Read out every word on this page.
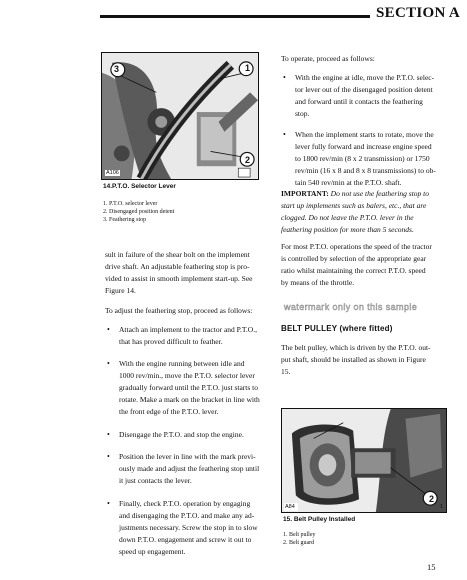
SECTION A
3	1
2
A106
14.P.T.O. Selector Lever
1. P.T.O. selector lever
2. Disengaged position detent
3. Feathering stop
To operate, proceed as follows:
• With the engine at idle, move the P.T.O. selec-
tor lever out of the disengaged position detent
and forward until it contacts the feathering
stop.
• When the implement starts to rotate, move the
lever fully forward and increase engine speed
to 1800 rev/min (8 x 2 transmission) or 1750
rev/min (16 x 8 and 8 x 8 transmissions) to ob-
tain 540 rev/min at the P.T.O. shaft.
IMPORTANT: Do not use the feathering stop to
start up implements such as balers, etc., that are
clogged. Do not leave the P.T.O. lever in the
feathering position for more than 5 seconds.
For most P.T.O. operations the speed of the tractor
is controlled by selection of the appropriate gear
ratio whilst maintaining the correct P.T.O. speed
by means of the throttle.
watermark only on this sample
BELT PULLEY (where fitted)
The belt pulley, which is driven by the P.T.O. out-
put shaft, should be installed as shown in Figure
15.
sult in failure of the shear bolt on the implement
drive shaft. An adjustable feathering stop is pro-
vided to assist in smooth implement start-up. See
Figure 14.
To adjust the feathering stop, proceed as follows:
• Attach an implement to the tractor and P.T.O.,
that has proved difficult to feather.
• With the engine running between idle and
1000 rev/min., move the P.T.O. selector lever
gradually forward until the P.T.O. just starts to
rotate. Make a mark on the bracket in line with
the front edge of the P.T.O. lever.
• Disengage the P.T.O. and stop the engine.
• Position the lever in line with the mark previ-
ously made and adjust the feathering stop until
it just contacts the lever.
• Finally, check P.T.O. operation by engaging
and disengaging the P.T.O. and make any ad-
justments necessary. Screw the stop in to slow
down P.T.O. engagement and screw it out to
speed up engagement.
2
A84	1
15. Belt Pulley Installed
1. Belt pulley
2. Belt guard
15
